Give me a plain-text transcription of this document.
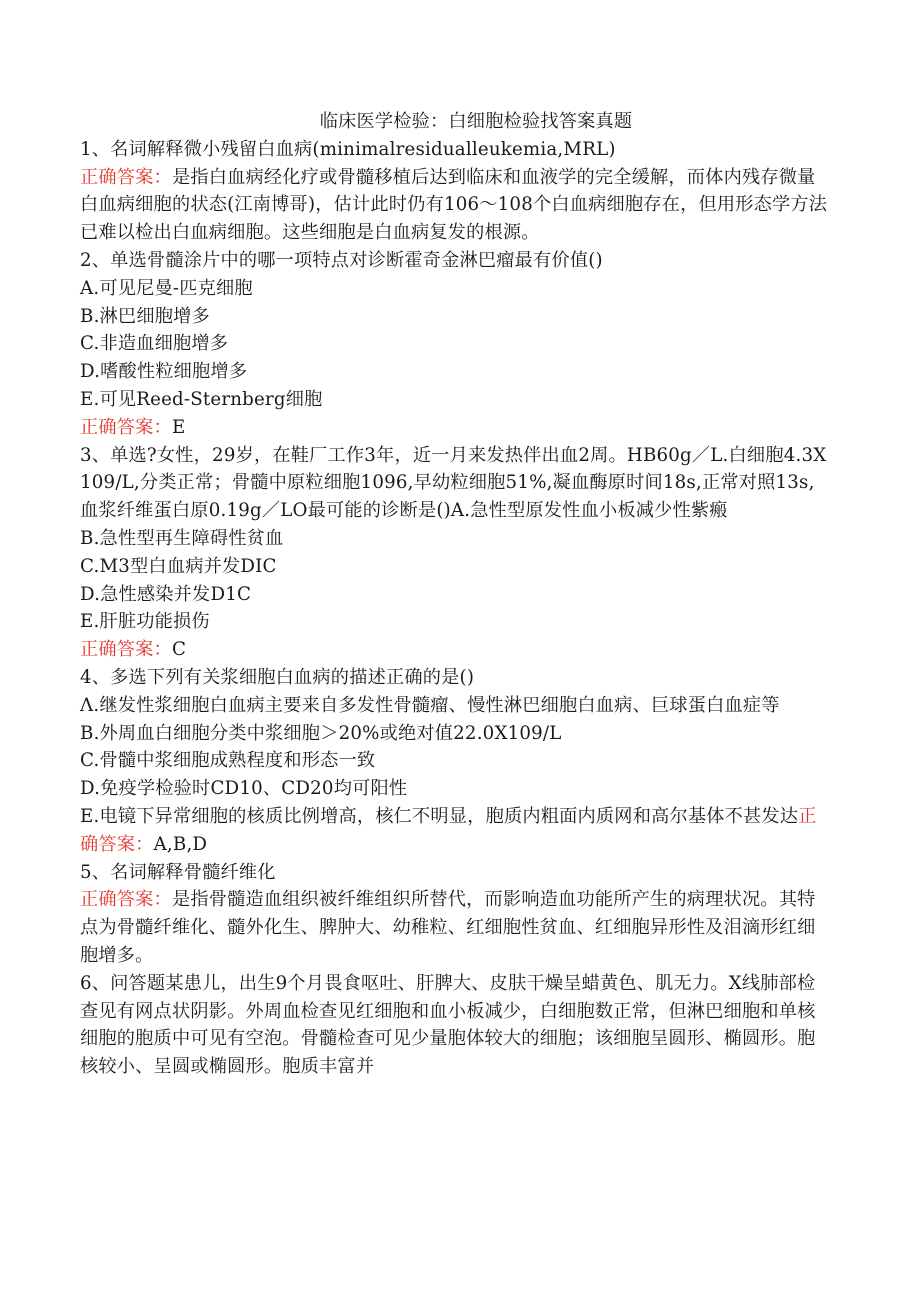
临床医学检验：白细胞检验找答案真题

1、名词解释微小残留白血病(minimalresidualleukemia,MRL)

正确答案：是指白血病经化疗或骨髓移植后达到临床和血液学的完全缓解，而体内残存微量白血病细胞的状态(江南博哥)，估计此时仍有106～108个白血病细胞存在，但用形态学方法已难以检出白血病细胞。这些细胞是白血病复发的根源。

2、单选骨髓涂片中的哪一项特点对诊断霍奇金淋巴瘤最有价值()

A.可见尼曼-匹克细胞

B.淋巴细胞增多

C.非造血细胞增多

D.嗜酸性粒细胞增多

E.可见Reed-Sternberg细胞

正确答案：E

3、单选?女性，29岁，在鞋厂工作3年，近一月来发热伴出血2周。HB60g／L.白细胞4.3X109/L,分类正常；骨髓中原粒细胞1096,早幼粒细胞51%,凝血酶原时间18s,正常对照13s,血浆纤维蛋白原0.19g／LO最可能的诊断是()A.急性型原发性血小板减少性紫瘢

B.急性型再生障碍性贫血

C.M3型白血病并发DIC

D.急性感染并发D1C

E.肝脏功能损伤

正确答案：C

4、多选下列有关浆细胞白血病的描述正确的是()

Λ.继发性浆细胞白血病主要来自多发性骨髓瘤、慢性淋巴细胞白血病、巨球蛋白血症等

B.外周血白细胞分类中浆细胞＞20%或绝对值22.0X109/L

C.骨髓中浆细胞成熟程度和形态一致

D.免疫学检验时CD10、CD20均可阳性

E.电镜下异常细胞的核质比例增高，核仁不明显，胞质内粗面内质网和高尔基体不甚发达正确答案：A,B,D

5、名词解释骨髓纤维化

正确答案：是指骨髓造血组织被纤维组织所替代，而影响造血功能所产生的病理状况。其特点为骨髓纤维化、髓外化生、脾肿大、幼稚粒、红细胞性贫血、红细胞异形性及泪滴形红细胞增多。

6、问答题某患儿，出生9个月畏食呕吐、肝脾大、皮肤干燥呈蜡黄色、肌无力。X线肺部检查见有网点状阴影。外周血检查见红细胞和血小板减少，白细胞数正常，但淋巴细胞和单核细胞的胞质中可见有空泡。骨髓检查可见少量胞体较大的细胞；该细胞呈圆形、椭圆形。胞核较小、呈圆或椭圆形。胞质丰富并
